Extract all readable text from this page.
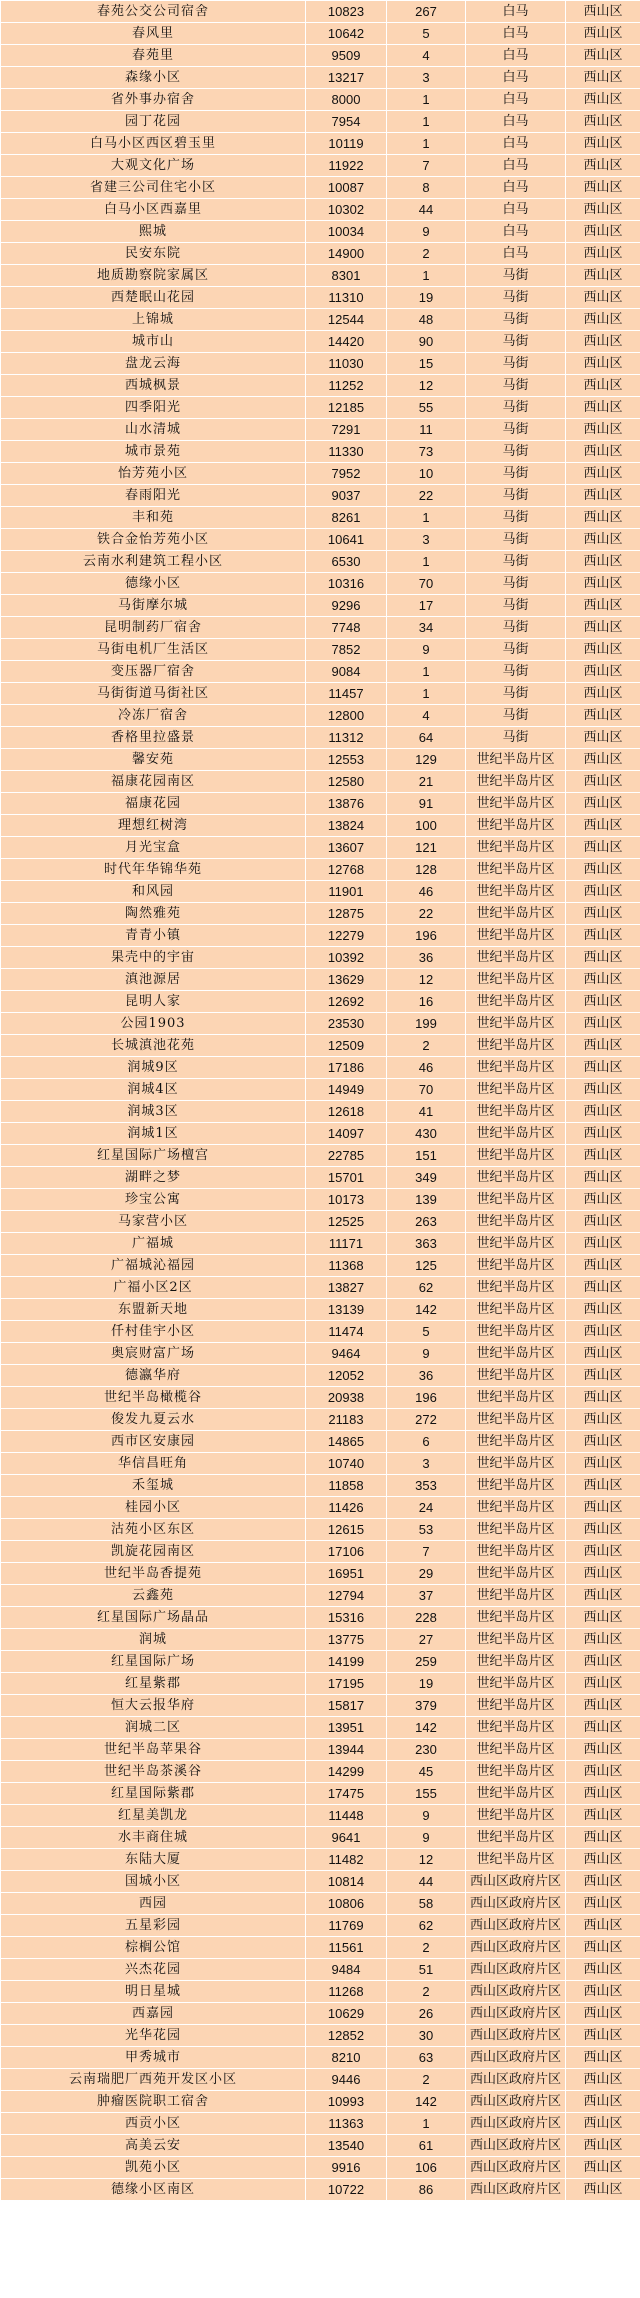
春苑公交公司宿舍	10823	267	白马	西山区
春风里	10642	5	白马	西山区
春苑里	9509	4	白马	西山区
森缘小区	13217	3	白马	西山区
省外事办宿舍	8000	1	白马	西山区
园丁花园	7954	1	白马	西山区
白马小区西区碧玉里	10119	1	白马	西山区
大观文化广场	11922	7	白马	西山区
省建三公司住宅小区	10087	8	白马	西山区
白马小区西嘉里	10302	44	白马	西山区
熙城	10034	9	白马	西山区
民安东院	14900	2	白马	西山区
地质勘察院家属区	8301	1	马街	西山区
西楚眠山花园	11310	19	马街	西山区
上锦城	12544	48	马街	西山区
城市山	14420	90	马街	西山区
盘龙云海	11030	15	马街	西山区
西城枫景	11252	12	马街	西山区
四季阳光	12185	55	马街	西山区
山水清城	7291	11	马街	西山区
城市景苑	11330	73	马街	西山区
怡芳苑小区	7952	10	马街	西山区
春雨阳光	9037	22	马街	西山区
丰和苑	8261	1	马街	西山区
铁合金怡芳苑小区	10641	3	马街	西山区
云南水利建筑工程小区	6530	1	马街	西山区
德缘小区	10316	70	马街	西山区
马街摩尔城	9296	17	马街	西山区
昆明制药厂宿舍	7748	34	马街	西山区
马街电机厂生活区	7852	9	马街	西山区
变压器厂宿舍	9084	1	马街	西山区
马街街道马街社区	11457	1	马街	西山区
冷冻厂宿舍	12800	4	马街	西山区
香格里拉盛景	11312	64	马街	西山区
馨安苑	12553	129	世纪半岛片区	西山区
福康花园南区	12580	21	世纪半岛片区	西山区
福康花园	13876	91	世纪半岛片区	西山区
理想红树湾	13824	100	世纪半岛片区	西山区
月光宝盒	13607	121	世纪半岛片区	西山区
时代年华锦华苑	12768	128	世纪半岛片区	西山区
和风园	11901	46	世纪半岛片区	西山区
陶然雅苑	12875	22	世纪半岛片区	西山区
青青小镇	12279	196	世纪半岛片区	西山区
果壳中的宇宙	10392	36	世纪半岛片区	西山区
滇池源居	13629	12	世纪半岛片区	西山区
昆明人家	12692	16	世纪半岛片区	西山区
公园1903	23530	199	世纪半岛片区	西山区
长城滇池花苑	12509	2	世纪半岛片区	西山区
润城9区	17186	46	世纪半岛片区	西山区
润城4区	14949	70	世纪半岛片区	西山区
润城3区	12618	41	世纪半岛片区	西山区
润城1区	14097	430	世纪半岛片区	西山区
红星国际广场檀宫	22785	151	世纪半岛片区	西山区
湖畔之梦	15701	349	世纪半岛片区	西山区
珍宝公寓	10173	139	世纪半岛片区	西山区
马家营小区	12525	263	世纪半岛片区	西山区
广福城	11171	363	世纪半岛片区	西山区
广福城沁福园	11368	125	世纪半岛片区	西山区
广福小区2区	13827	62	世纪半岛片区	西山区
东盟新天地	13139	142	世纪半岛片区	西山区
仟村佳宇小区	11474	5	世纪半岛片区	西山区
奥宸财富广场	9464	9	世纪半岛片区	西山区
德瀛华府	12052	36	世纪半岛片区	西山区
世纪半岛橄榄谷	20938	196	世纪半岛片区	西山区
俊发九夏云水	21183	272	世纪半岛片区	西山区
西市区安康园	14865	6	世纪半岛片区	西山区
华信昌旺角	10740	3	世纪半岛片区	西山区
禾玺城	11858	353	世纪半岛片区	西山区
桂园小区	11426	24	世纪半岛片区	西山区
沽苑小区东区	12615	53	世纪半岛片区	西山区
凯旋花园南区	17106	7	世纪半岛片区	西山区
世纪半岛香提苑	16951	29	世纪半岛片区	西山区
云鑫苑	12794	37	世纪半岛片区	西山区
红星国际广场晶品	15316	228	世纪半岛片区	西山区
润城	13775	27	世纪半岛片区	西山区
红星国际广场	14199	259	世纪半岛片区	西山区
红星紫郡	17195	19	世纪半岛片区	西山区
恒大云报华府	15817	379	世纪半岛片区	西山区
润城二区	13951	142	世纪半岛片区	西山区
世纪半岛苹果谷	13944	230	世纪半岛片区	西山区
世纪半岛茶溪谷	14299	45	世纪半岛片区	西山区
红星国际紫郡	17475	155	世纪半岛片区	西山区
红星美凯龙	11448	9	世纪半岛片区	西山区
水丰商住城	9641	9	世纪半岛片区	西山区
东陆大厦	11482	12	世纪半岛片区	西山区
国城小区	10814	44	西山区政府片区	西山区
西园	10806	58	西山区政府片区	西山区
五星彩园	11769	62	西山区政府片区	西山区
棕榈公馆	11561	2	西山区政府片区	西山区
兴杰花园	9484	51	西山区政府片区	西山区
明日星城	11268	2	西山区政府片区	西山区
西嘉园	10629	26	西山区政府片区	西山区
光华花园	12852	30	西山区政府片区	西山区
甲秀城市	8210	63	西山区政府片区	西山区
云南瑞肥厂西苑开发区小区	9446	2	西山区政府片区	西山区
肿瘤医院职工宿舍	10993	142	西山区政府片区	西山区
西贡小区	11363	1	西山区政府片区	西山区
高美云安	13540	61	西山区政府片区	西山区
凯苑小区	9916	106	西山区政府片区	西山区
德缘小区南区	10722	86	西山区政府片区	西山区
